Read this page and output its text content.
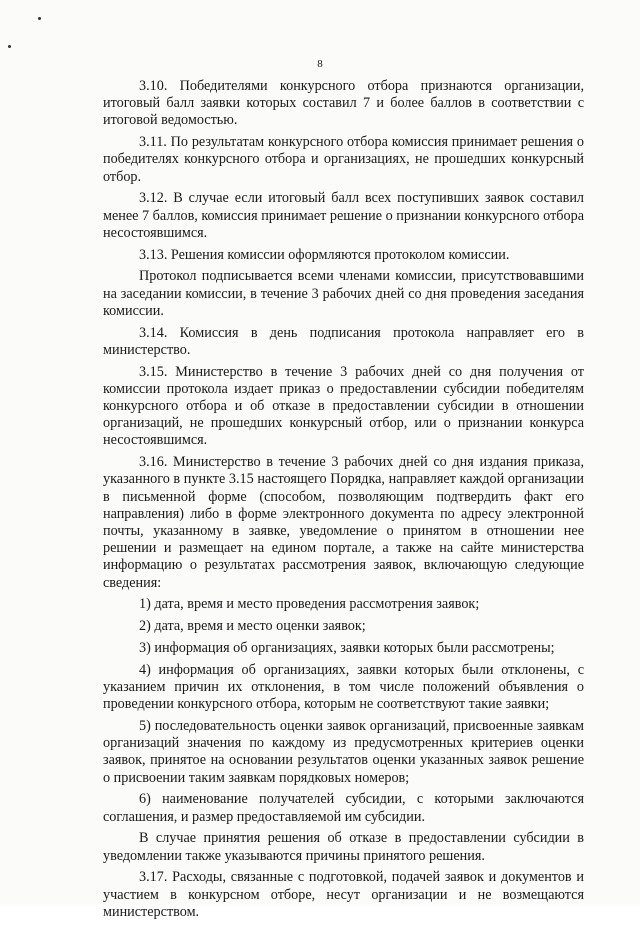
8

3.10. Победителями конкурсного отбора признаются организации, итоговый балл заявки которых составил 7 и более баллов в соответствии с итоговой ведомостью.

3.11. По результатам конкурсного отбора комиссия принимает решения о победителях конкурсного отбора и организациях, не прошедших конкурсный отбор.

3.12. В случае если итоговый балл всех поступивших заявок составил менее 7 баллов, комиссия принимает решение о признании конкурсного отбора несостоявшимся.

3.13. Решения комиссии оформляются протоколом комиссии.

Протокол подписывается всеми членами комиссии, присутствовавшими на заседании комиссии, в течение 3 рабочих дней со дня проведения заседания комиссии.

3.14. Комиссия в день подписания протокола направляет его в министерство.

3.15. Министерство в течение 3 рабочих дней со дня получения от комиссии протокола издает приказ о предоставлении субсидии победителям конкурсного отбора и об отказе в предоставлении субсидии в отношении организаций, не прошедших конкурсный отбор, или о признании конкурса несостоявшимся.

3.16. Министерство в течение 3 рабочих дней со дня издания приказа, указанного в пункте 3.15 настоящего Порядка, направляет каждой организации в письменной форме (способом, позволяющим подтвердить факт его направления) либо в форме электронного документа по адресу электронной почты, указанному в заявке, уведомление о принятом в отношении нее решении и размещает на едином портале, а также на сайте министерства информацию о результатах рассмотрения заявок, включающую следующие сведения:

1) дата, время и место проведения рассмотрения заявок;

2) дата, время и место оценки заявок;

3) информация об организациях, заявки которых были рассмотрены;

4) информация об организациях, заявки которых были отклонены, с указанием причин их отклонения, в том числе положений объявления о проведении конкурсного отбора, которым не соответствуют такие заявки;

5) последовательность оценки заявок организаций, присвоенные заявкам организаций значения по каждому из предусмотренных критериев оценки заявок, принятое на основании результатов оценки указанных заявок решение о присвоении таким заявкам порядковых номеров;

6) наименование получателей субсидии, с которыми заключаются соглашения, и размер предоставляемой им субсидии.

В случае принятия решения об отказе в предоставлении субсидии в уведомлении также указываются причины принятого решения.

3.17. Расходы, связанные с подготовкой, подачей заявок и документов и участием в конкурсном отборе, несут организации и не возмещаются министерством.
